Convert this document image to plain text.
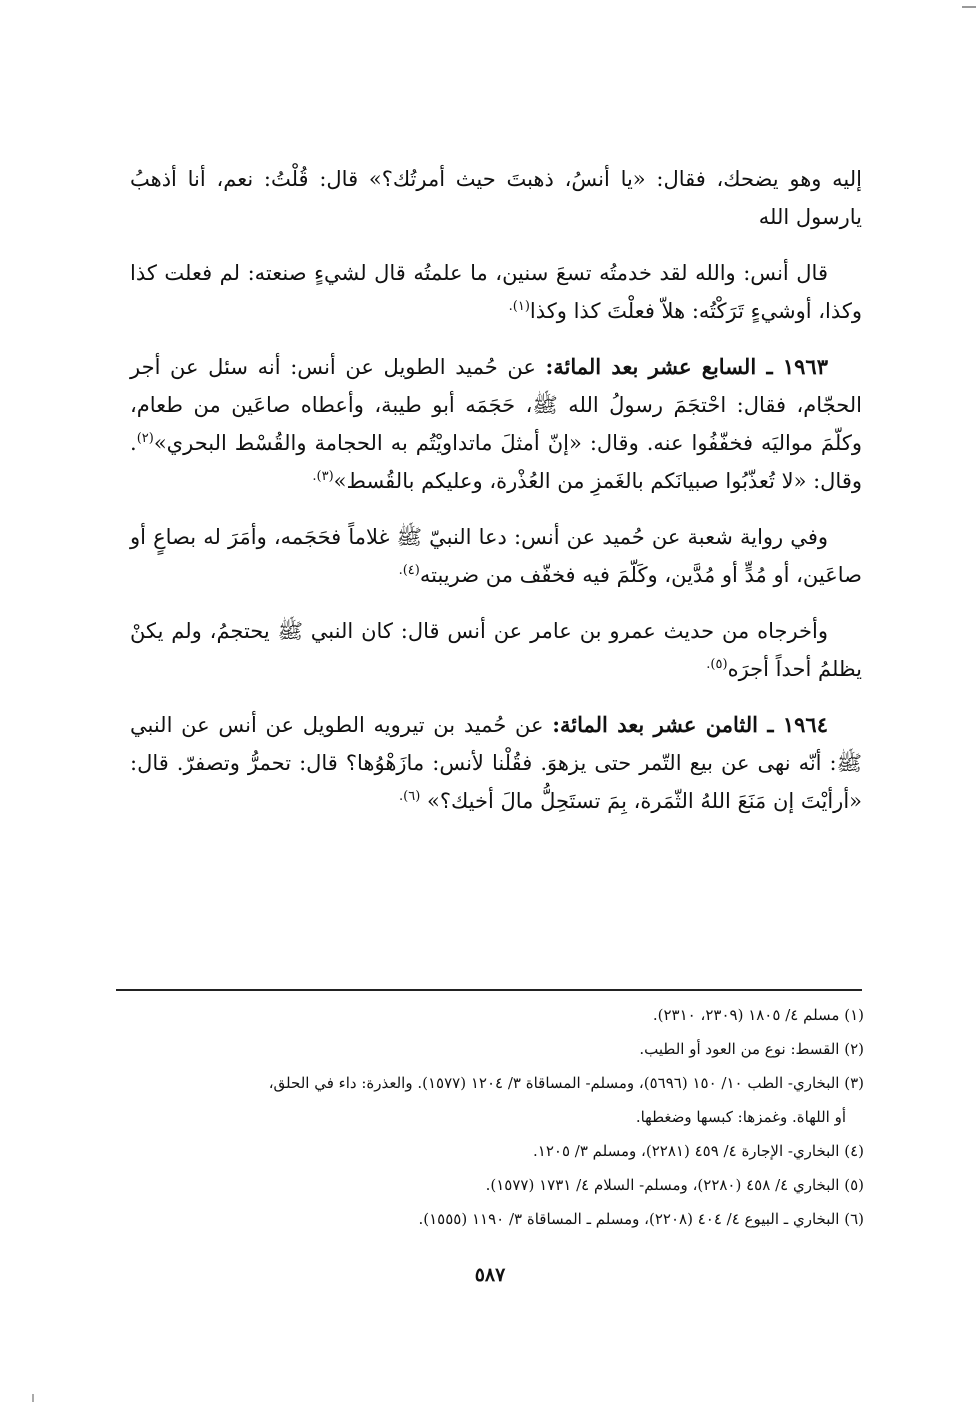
إليه وهو يضحك، فقال: «يا أنسُ، ذهبتَ حيث أمرتُك؟» قال: قُلْتُ: نعم، أنا أذهبُ يارسول الله

قال أنس: والله لقد خدمتُه تسعَ سنين، ما علمتُه قال لشيءٍ صنعته: لم فعلت كذا وكذا، أوشيءٍ تَرَكْتُه: هلاّ فعلْتَ كذا وكذا$^{(١).}$

١٩٦٣ ـ السابع عشر بعد المائة: عن حُميد الطويل عن أنس: أنه سئل عن أجر الحجّام، فقال: احْتجَمَ رسولُ الله ﷺ، حَجَمَه أبو طيبة، وأعطاه صاعَين من طعام، وكلّمَ مواليَه فخفّفُوا عنه. وقال: «إنّ أمثلَ ماتداويْتُم به الحجامة والقُسْط البحري»$^{(٢)}$. وقال: «لا تُعذّبُوا صبيانَكم بالغَمزِ من العُذْرة، وعليكم بالقُسط»$^{(٣).}$

وفي رواية شعبة عن حُميد عن أنس: دعا النبيّ ﷺ غلاماً فحَجَمه، وأمَرَ له بصاعٍ أو صاعَين، أو مُدٍّ أو مُدَّين، وكَلّمَ فيه فخفّف من ضريبته$^{(٤).}$

وأخرجاه من حديث عمرو بن عامر عن أنس قال: كان النبي ﷺ يحتجمُ، ولم يكنْ يظلمُ أحداً أجرَه$^{(٥).}$

١٩٦٤ ـ الثامن عشر بعد المائة: عن حُميد بن تيرويه الطويل عن أنس عن النبي ﷺ: أنّه نهى عن بيع التّمر حتى يزهوَ. فقُلْنا لأنس: مازَهْوُها؟ قال: تحمرُّ وتصفرّ. قال: «أرأيْتَ إن مَنَعَ اللهُ الثّمَرة، بِمَ تستَحِلُّ مالَ أخيك؟» $^{(٦).}$

(١) مسلم ٤/ ١٨٠٥ (٢٣٠٩، ٢٣١٠).

(٢) القسط: نوع من العود أو الطيب.

(٣) البخاري- الطب ١٠/ ١٥٠ (٥٦٩٦)، ومسلم- المساقاة ٣/ ١٢٠٤ (١٥٧٧). والعذرة: داء في الحلق،

أو اللهاة. وغمزها: كبسها وضغطها.

(٤) البخاري- الإجارة ٤/ ٤٥٩ (٢٢٨١)، ومسلم ٣/ ١٢٠٥.

(٥) البخاري ٤/ ٤٥٨ (٢٢٨٠)، ومسلم- السلام ٤/ ١٧٣١ (١٥٧٧).

(٦) البخاري ـ البيوع ٤/ ٤٠٤ (٢٢٠٨)، ومسلم ـ المساقاة ٣/ ١١٩٠ (١٥٥٥).

٥٨٧
